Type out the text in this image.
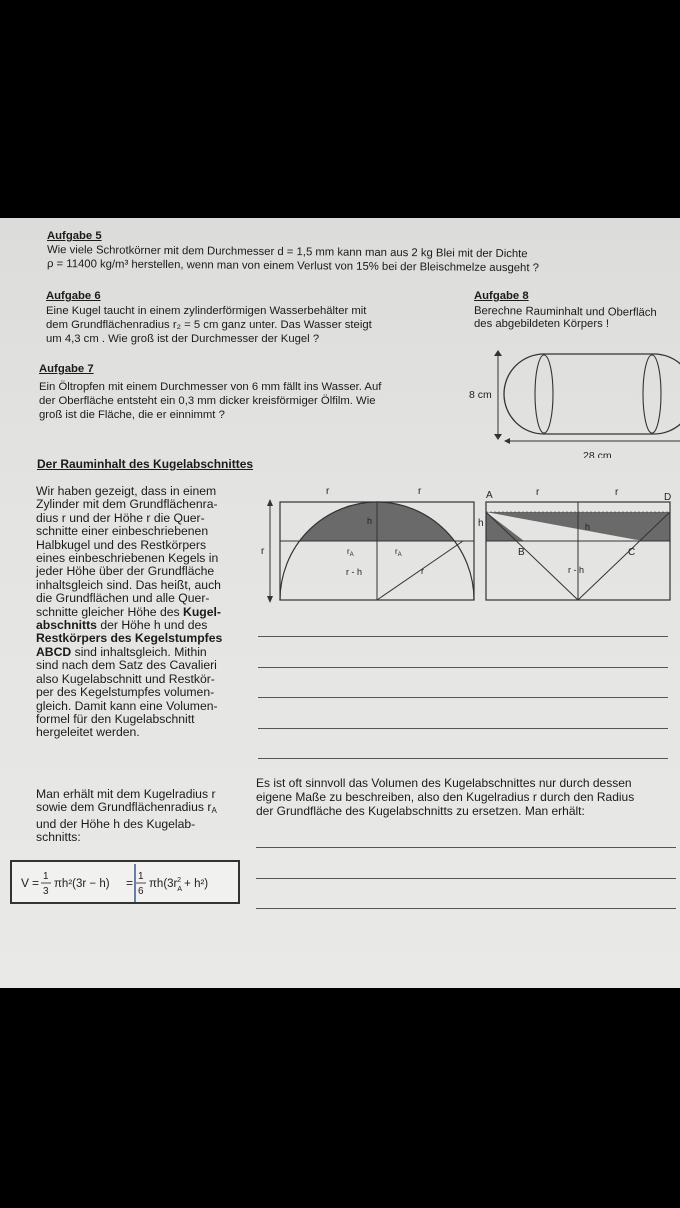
Aufgabe 5
Wie viele Schrotkörner mit dem Durchmesser d = 1,5 mm kann man aus 2 kg Blei mit der Dichte
ρ = 11400 kg/m³ herstellen, wenn man von einem Verlust von 15% bei der Bleischmelze ausgeht ?
Aufgabe 6
Eine Kugel taucht in einem zylinderförmigen Wasserbehälter mit
dem Grundflächenradius r₂ = 5 cm ganz unter. Das Wasser steigt
um 4,3 cm . Wie groß ist der Durchmesser der Kugel ?
Aufgabe 8
Berechne Rauminhalt und Oberfläch
des abgebildeten Körpers !
Aufgabe 7
Ein Öltropfen mit einem Durchmesser von 6 mm fällt ins Wasser. Auf
der Oberfläche entsteht ein 0,3 mm dicker kreisförmiger Ölfilm. Wie
groß ist die Fläche, die er einnimmt ?
8 cm
28 cm
Der Rauminhalt des Kugelabschnittes
Wir haben gezeigt, dass in einem
Zylinder mit dem Grundflächenra-
dius r und der Höhe r die Quer-
schnitte einer einbeschriebenen
Halbkugel und des Restkörpers
eines einbeschriebenen Kegels in
jeder Höhe über der Grundfläche
inhaltsgleich sind. Das heißt, auch
die Grundflächen und alle Quer-
schnitte gleicher Höhe des Kugel-
abschnitts der Höhe h und des
Restkörpers des Kegelstumpfes
ABCD sind inhaltsgleich. Mithin
sind nach dem Satz des Cavalieri
also Kugelabschnitt und Restkör-
per des Kegelstumpfes volumen-
gleich. Damit kann eine Volumen-
formel für den Kugelabschnitt
hergeleitet werden.
Man erhält mit dem Kugelradius r
sowie dem Grundflächenradius $r_A$
und der Höhe h des Kugelab-
schnitts:
Es ist oft sinnvoll das Volumen des Kugelabschnittes nur durch dessen
eigene Maße zu beschreiben, also den Kugelradius r durch den Radius
der Grundfläche des Kugelabschnitts zu ersetzen. Man erhält:
r	r
r
h
$r_A$	$r_A$
r - h	r
A	D
B	C
r	r
h	h
r - h
V = 1
3
πh²(3r − h) = 1
6
$\pi h(3r_A2 + h^2)$
